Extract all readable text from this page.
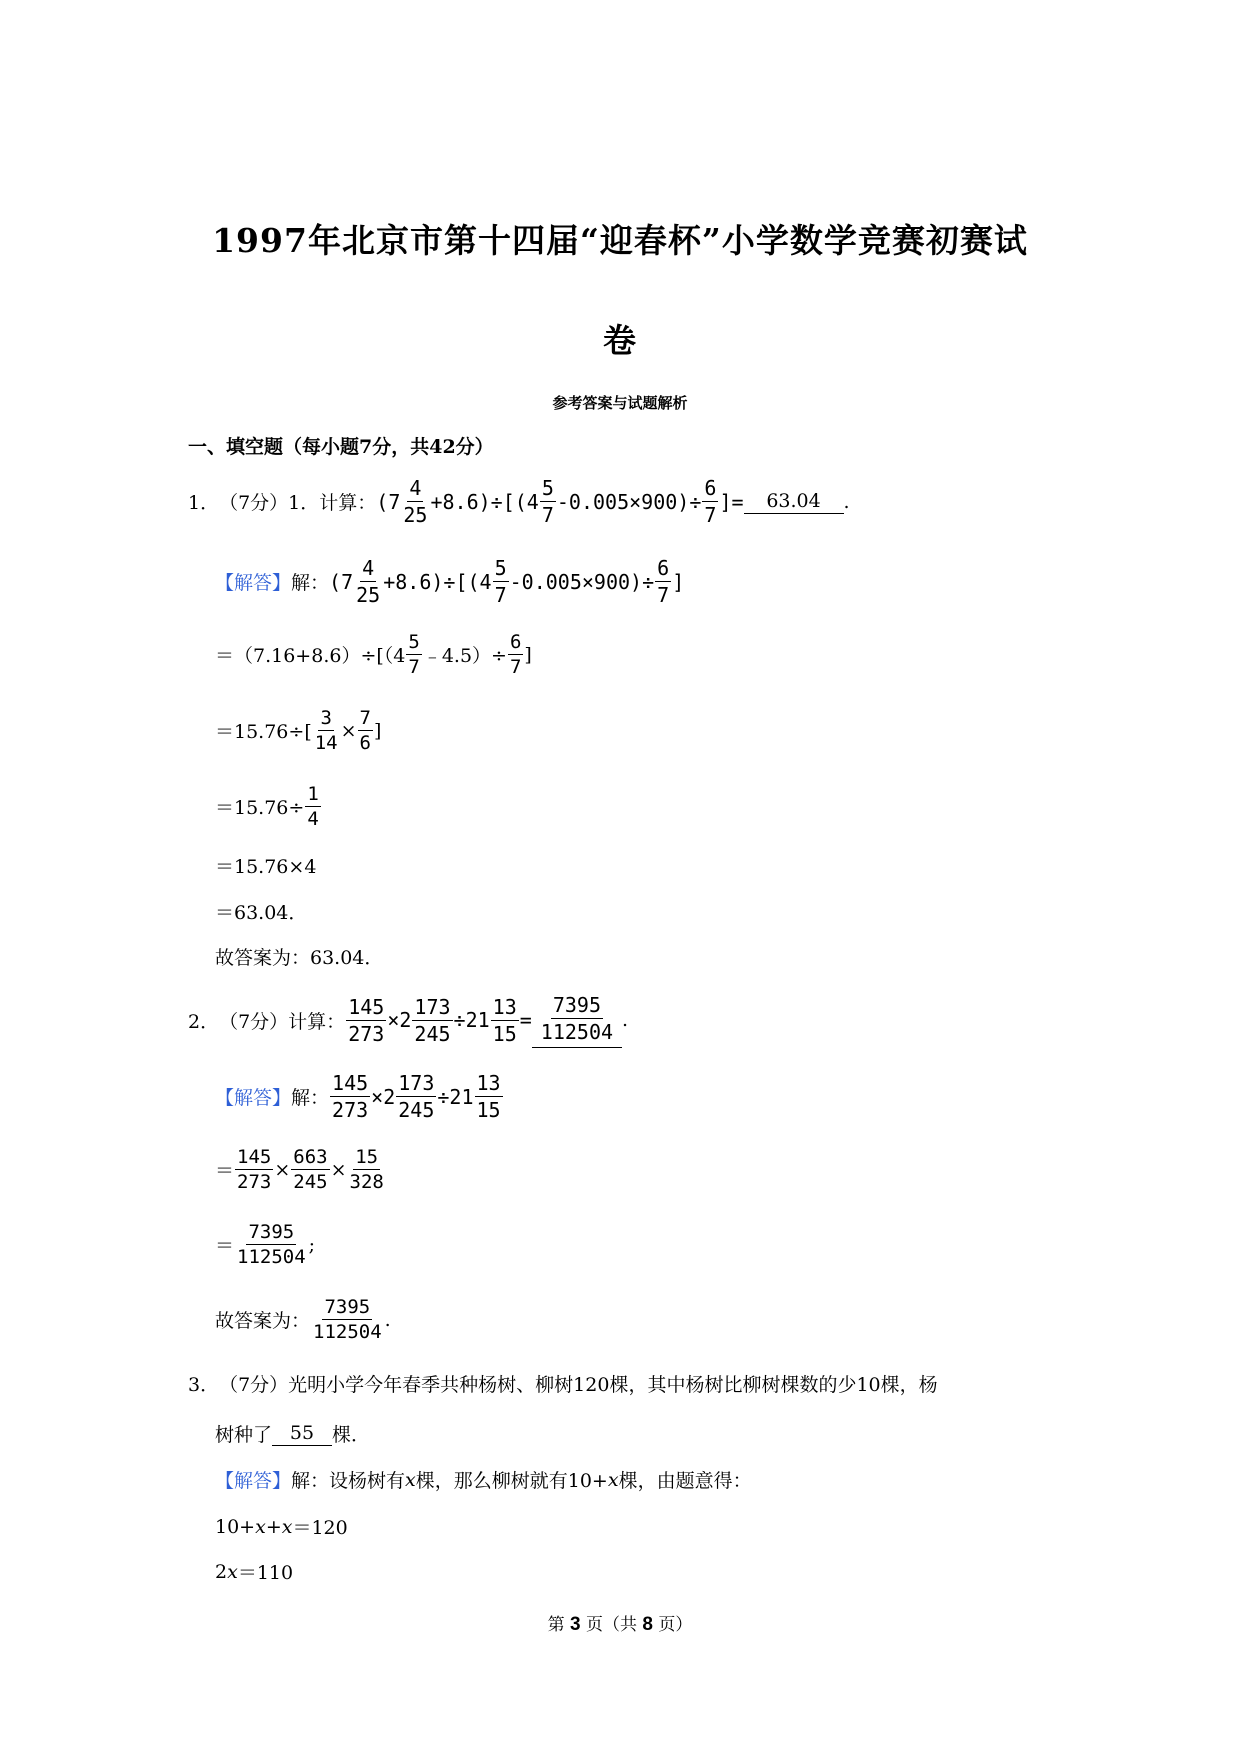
1997年北京市第十四届“迎春杯”小学数学竞赛初赛试
卷
参考答案与试题解析
一、填空题（每小题7分，共42分）
1． （7分）1．计算： $(7 \frac{4}{25} +8.6)\div[(4 \frac{5}{7} -0.005\times 900)\div \frac{6}{7}$ ]=	63.04	.
【解答】 解： $(7 \frac{4}{25} +8.6)\div[(4 \frac{5}{7} -0.005\times 900)\div \frac{6}{7}$ ]
$=(7.16+8.6)\div[(4 \frac{5}{7}$ ﹣4.5）÷ $\frac{6}{7}$ ]
$=15.76\div[ \frac{3}{14} \times \frac{7}{6}$ ]
$=15.76\div \frac{1}{4}$
＝15.76×4
＝63.04．
故答案为：63.04．
2． （7分）计算： $\frac{145}{273} \times 2 \frac{173}{245} \div 21 \frac{13}{15} = \frac{7395}{112504}$ .
【解答】 解： $\frac{145}{273} \times 2 \frac{173}{245} \div 21 \frac{13}{15}$
＝ $\frac{145}{273} \times \frac{663}{245} \times \frac{15}{328}$
＝ $\frac{7395}{112504}$ ;
故答案为： $\frac{7395}{112504}$ .
3． （7分）光明小学今年春季共种杨树、柳树120棵，其中杨树比柳树棵数的少10棵，杨
树种了 55 棵．
【解答】 解：设杨树有 x 棵，那么柳树就有10+ x 棵，由题意得：
10+ x + x ＝120
2 x ＝110
第 3 页（共 8 页）
